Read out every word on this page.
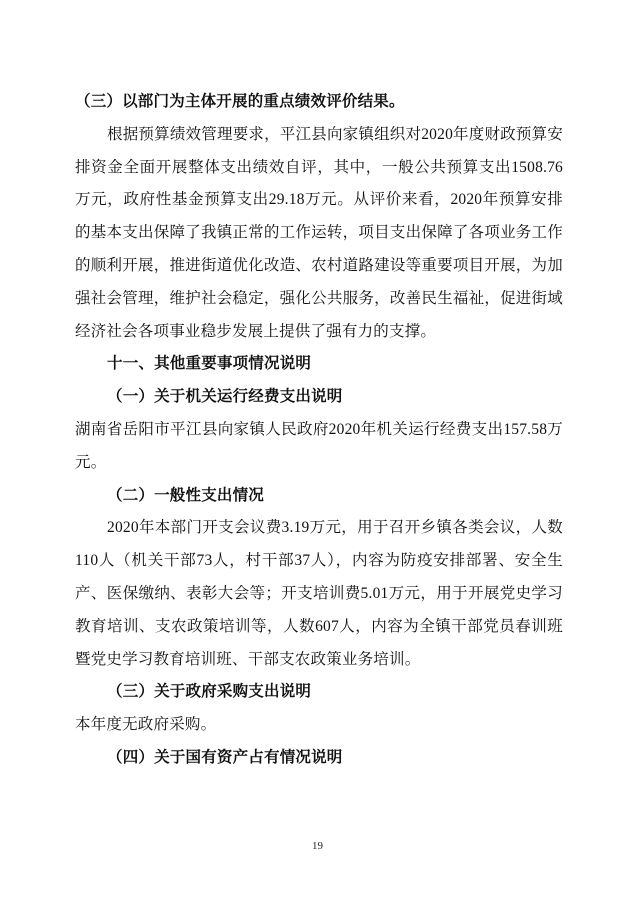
（三）以部门为主体开展的重点绩效评价结果。

根据预算绩效管理要求，平江县向家镇组织对2020年度财政预算安排资金全面开展整体支出绩效自评，其中，一般公共预算支出1508.76万元，政府性基金预算支出29.18万元。从评价来看，2020年预算安排的基本支出保障了我镇正常的工作运转，项目支出保障了各项业务工作的顺利开展，推进街道优化改造、农村道路建设等重要项目开展，为加强社会管理，维护社会稳定，强化公共服务，改善民生福祉，促进街域经济社会各项事业稳步发展上提供了强有力的支撑。

十一、其他重要事项情况说明

（一）关于机关运行经费支出说明

湖南省岳阳市平江县向家镇人民政府2020年机关运行经费支出157.58万元。

（二）一般性支出情况

2020年本部门开支会议费3.19万元，用于召开乡镇各类会议，人数110人（机关干部73人，村干部37人），内容为防疫安排部署、安全生产、医保缴纳、表彰大会等；开支培训费5.01万元，用于开展党史学习教育培训、支农政策培训等，人数607人，内容为全镇干部党员春训班暨党史学习教育培训班、干部支农政策业务培训。

（三）关于政府采购支出说明

本年度无政府采购。

（四）关于国有资产占有情况说明

19
